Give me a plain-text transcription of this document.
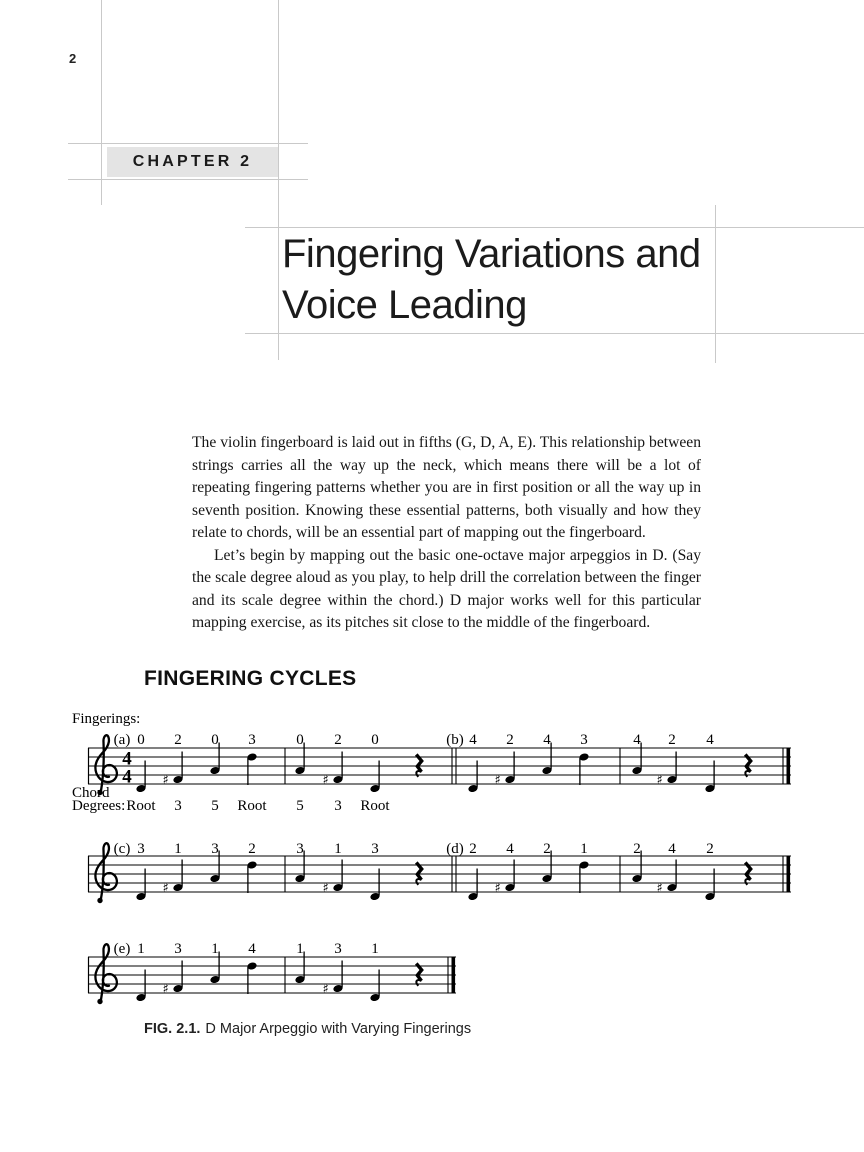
2
CHAPTER 2
Fingering Variations and
Voice Leading

The violin fingerboard is laid out in fifths (G, D, A, E). This relationship between strings carries all the way up the neck, which means there will be a lot of repeating fingering patterns whether you are in first position or all the way up in seventh position. Knowing these essential patterns, both visually and how they relate to chords, will be an essential part of mapping out the fingerboard.

Let’s begin by mapping out the basic one-octave major arpeggios in D. (Say the scale degree aloud as you play, to help drill the correlation between the finger and its scale degree within the chord.) D major works well for this particular mapping exercise, as its pitches sit close to the middle of the fingerboard.

FINGERING CYCLES
4
4
Fingerings:
(a) 0 2 0 3	0 2 0
♯	♯
Chord
Degrees: Root 3 5 Root 5 3 Root
(b) 4 2 4 3	4 2 4
♯	♯
(c) 3 1 3 2	3 1 3
♯	♯
(d) 2 4 2 1	2 4 2
♯	♯
(e) 1 3 1 4	1 3 1
♯	♯
FIG. 2.1. D Major Arpeggio with Varying Fingerings
